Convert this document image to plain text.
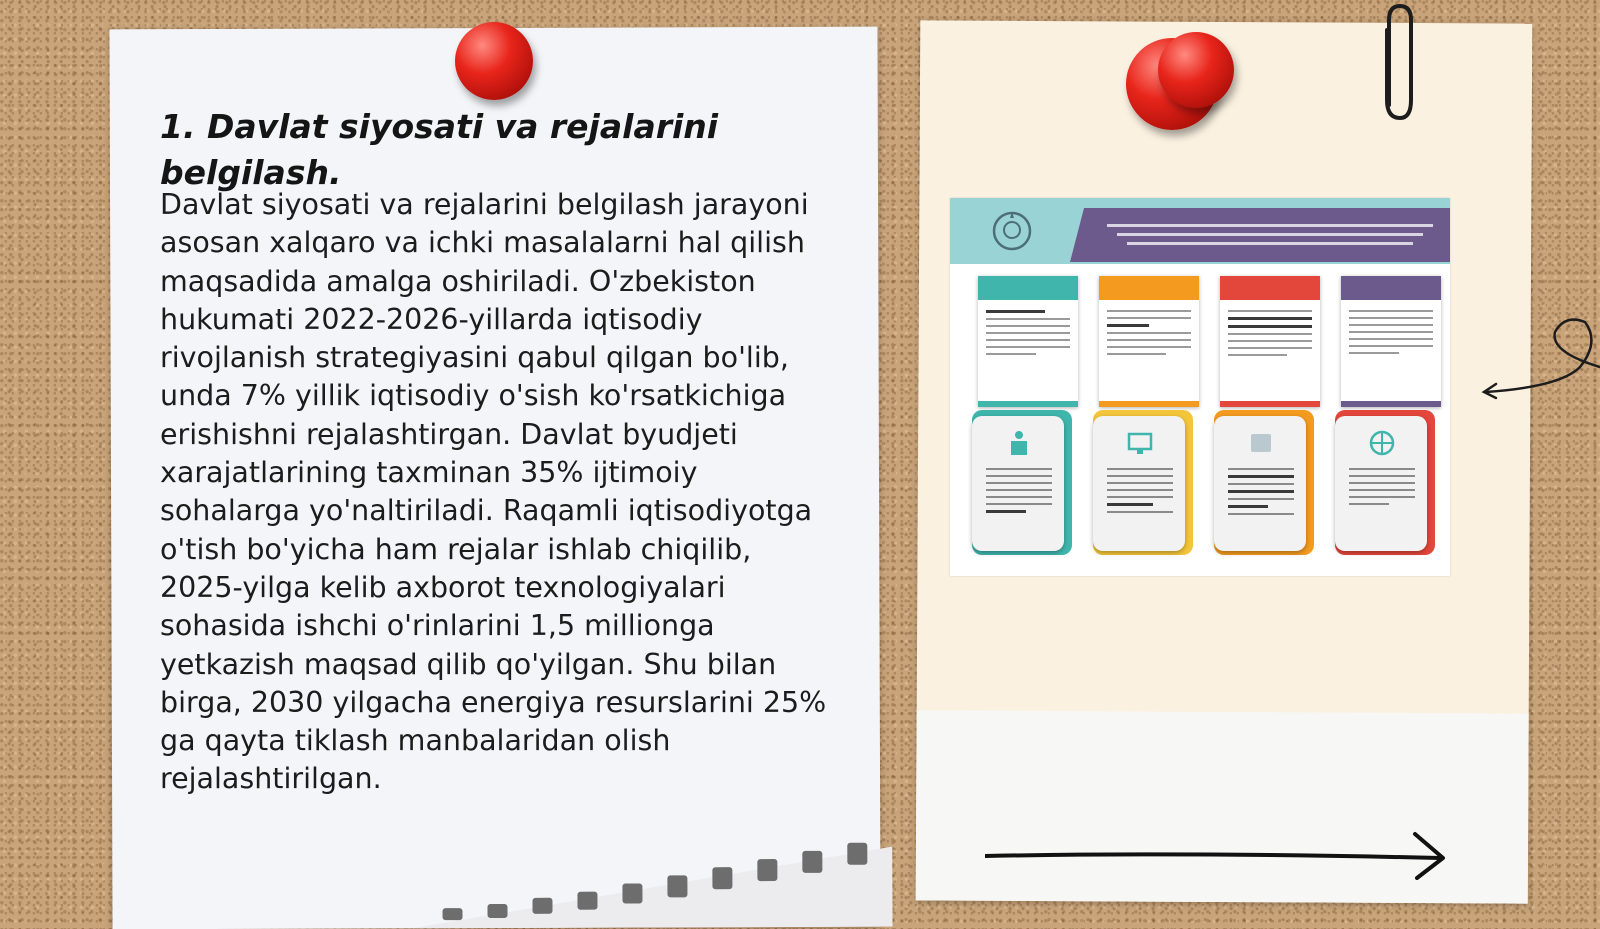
1. Davlat siyosati va rejalarini belgilash.

Davlat siyosati va rejalarini belgilash jarayoni asosan xalqaro va ichki masalalarni hal qilish maqsadida amalga oshiriladi. O'zbekiston hukumati 2022-2026-yillarda iqtisodiy rivojlanish strategiyasini qabul qilgan bo'lib, unda 7% yillik iqtisodiy o'sish ko'rsatkichiga erishishni rejalashtirgan. Davlat byudjeti xarajatlarining taxminan 35% ijtimoiy sohalarga yo'naltiriladi. Raqamli iqtisodiyotga o'tish bo'yicha ham rejalar ishlab chiqilib, 2025-yilga kelib axborot texnologiyalari sohasida ishchi o'rinlarini 1,5 millionga yetkazish maqsad qilib qo'yilgan. Shu bilan birga, 2030 yilgacha energiya resurslarini 25% ga qayta tiklash manbalaridan olish rejalashtirilgan.
